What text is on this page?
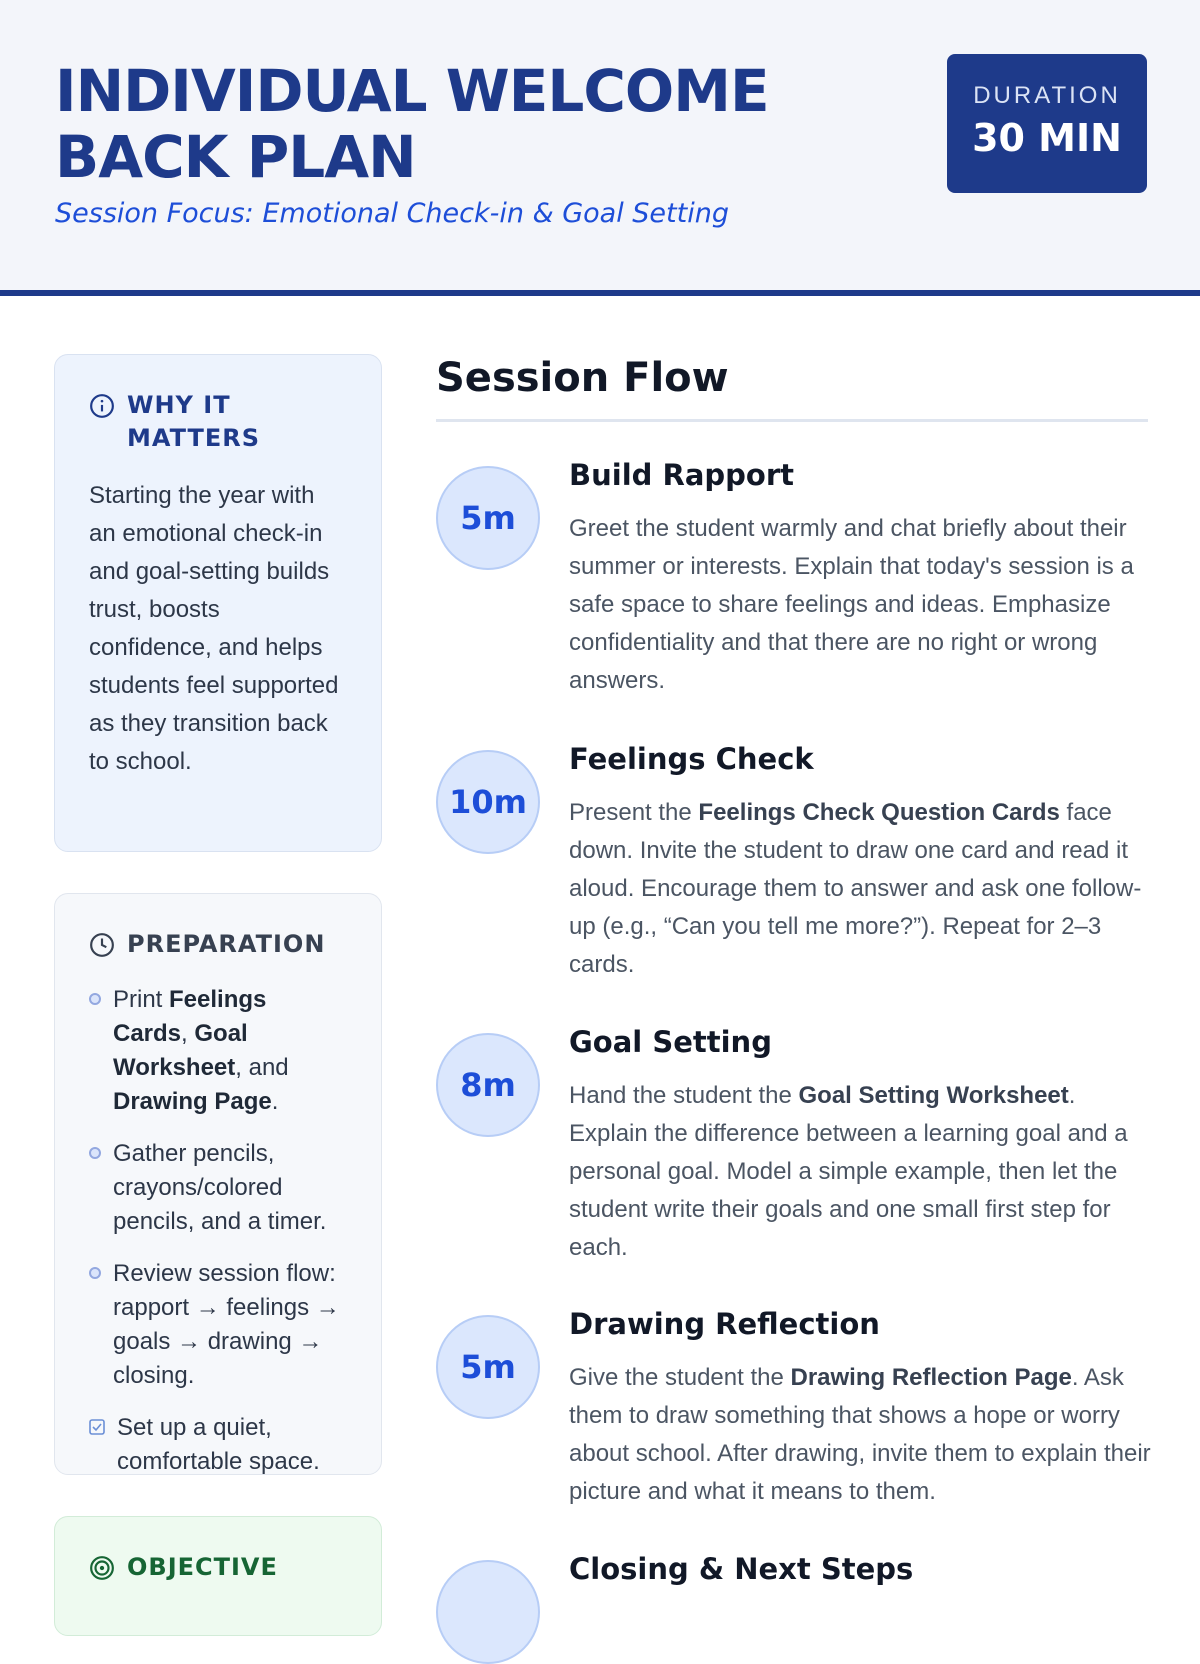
INDIVIDUAL WELCOME BACK PLAN
Session Focus: Emotional Check-in & Goal Setting
DURATION
30 MIN
WHY IT MATTERS
Starting the year with an emotional check-in and goal-setting builds trust, boosts confidence, and helps students feel supported as they transition back to school.
PREPARATION
Print Feelings Cards, Goal Worksheet, and Drawing Page.
Gather pencils, crayons/colored pencils, and a timer.
Review session flow: rapport → feelings → goals → drawing → closing.
Set up a quiet, comfortable space.
OBJECTIVE
Session Flow
5m
Build Rapport
Greet the student warmly and chat briefly about their summer or interests. Explain that today's session is a safe space to share feelings and ideas. Emphasize confidentiality and that there are no right or wrong answers.
10m
Feelings Check
Present the Feelings Check Question Cards face down. Invite the student to draw one card and read it aloud. Encourage them to answer and ask one follow-up (e.g., “Can you tell me more?”). Repeat for 2–3 cards.
8m
Goal Setting
Hand the student the Goal Setting Worksheet. Explain the difference between a learning goal and a personal goal. Model a simple example, then let the student write their goals and one small first step for each.
5m
Drawing Reflection
Give the student the Drawing Reflection Page. Ask them to draw something that shows a hope or worry about school. After drawing, invite them to explain their picture and what it means to them.
Closing & Next Steps
